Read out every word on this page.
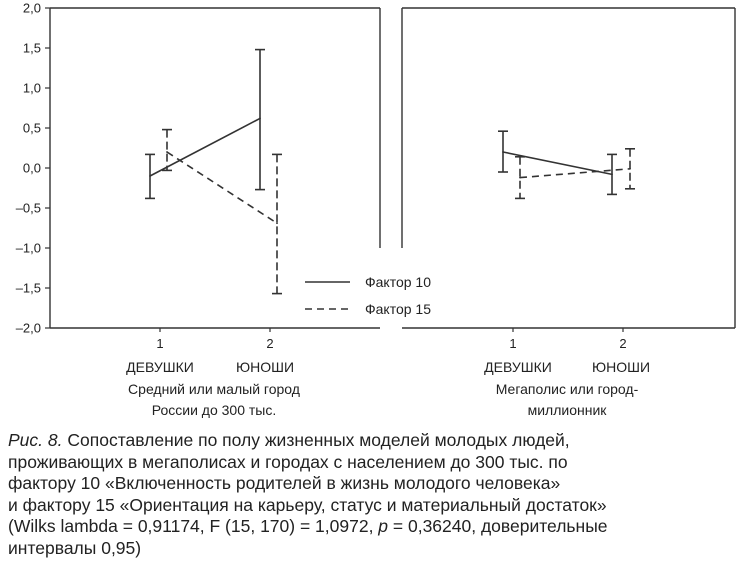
2,0
1,5
1,0
0,5
0,0
–0,5
–1,0
–1,5
–2,0
1	2
ДЕВУШКИ	ЮНОШИ
Средний или малый город
России до 300 тыс.
1	2
ДЕВУШКИ	ЮНОШИ
Мегаполис или город-
миллионник
Фактор 10
Фактор 15
Рис. 8. Сопоставление по полу жизненных моделей молодых людей,
проживающих в мегаполисах и городах с населением до 300 тыс. по
фактору 10 «Включенность родителей в жизнь молодого человека»
и фактору 15 «Ориентация на карьеру, статус и материальный достаток»
(Wilks lambda = 0,91174, F (15, 170) = 1,0972, p = 0,36240, доверительные
интервалы 0,95)
